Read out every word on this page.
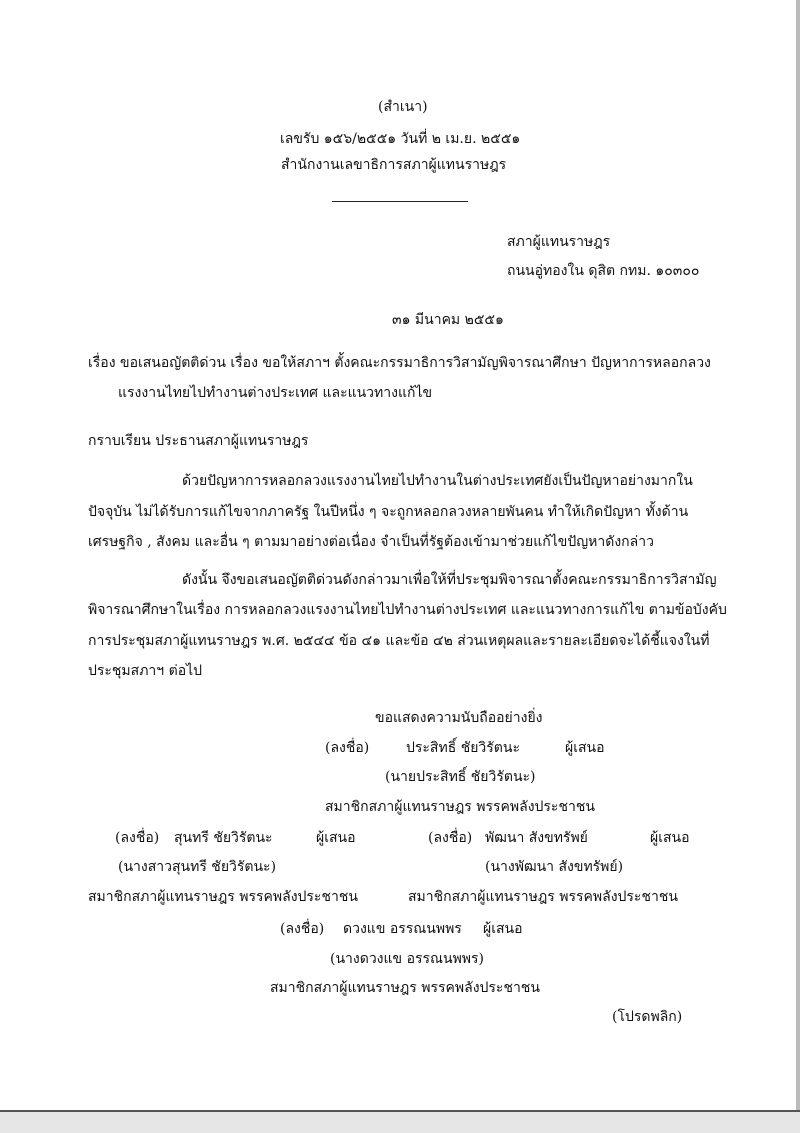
(สำเนา)
เลขรับ ๑๕๖/๒๕๕๑ วันที่ ๒ เม.ย. ๒๕๕๑
สำนักงานเลขาธิการสภาผู้แทนราษฎร
สภาผู้แทนราษฎร
ถนนอู่ทองใน ดุสิต กทม. ๑๐๓๐๐
๓๑ มีนาคม ๒๕๕๑
เรื่อง ขอเสนอญัตติด่วน เรื่อง ขอให้สภาฯ ตั้งคณะกรรมาธิการวิสามัญพิจารณาศึกษา ปัญหาการหลอกลวง
แรงงานไทยไปทำงานต่างประเทศ และแนวทางแก้ไข
กราบเรียน ประธานสภาผู้แทนราษฎร
ด้วยปัญหาการหลอกลวงแรงงานไทยไปทำงานในต่างประเทศยังเป็นปัญหาอย่างมากใน
ปัจจุบัน ไม่ได้รับการแก้ไขจากภาครัฐ ในปีหนึ่ง ๆ จะถูกหลอกลวงหลายพันคน ทำให้เกิดปัญหา ทั้งด้าน
เศรษฐกิจ , สังคม และอื่น ๆ ตามมาอย่างต่อเนื่อง จำเป็นที่รัฐต้องเข้ามาช่วยแก้ไขปัญหาดังกล่าว
ดังนั้น จึงขอเสนอญัตติด่วนดังกล่าวมาเพื่อให้ที่ประชุมพิจารณาตั้งคณะกรรมาธิการวิสามัญ
พิจารณาศึกษาในเรื่อง การหลอกลวงแรงงานไทยไปทำงานต่างประเทศ และแนวทางการแก้ไข ตามข้อบังคับ
การประชุมสภาผู้แทนราษฎร พ.ศ. ๒๕๔๔ ข้อ ๔๑ และข้อ ๔๒ ส่วนเหตุผลและรายละเอียดจะได้ชี้แจงในที่
ประชุมสภาฯ ต่อไป
ขอแสดงความนับถืออย่างยิ่ง
(ลงชื่อ)	ประสิทธิ์ ชัยวิรัตนะ	ผู้เสนอ
(นายประสิทธิ์ ชัยวิรัตนะ)
สมาชิกสภาผู้แทนราษฎร พรรคพลังประชาชน
(ลงชื่อ) สุนทรี ชัยวิรัตนะ	ผู้เสนอ
(นางสาวสุนทรี ชัยวิรัตนะ)
สมาชิกสภาผู้แทนราษฎร พรรคพลังประชาชน
(ลงชื่อ) พัฒนา สังขทรัพย์	ผู้เสนอ
(นางพัฒนา สังขทรัพย์)
สมาชิกสภาผู้แทนราษฎร พรรคพลังประชาชน
(ลงชื่อ) ดวงแข อรรณนพพร ผู้เสนอ
(นางดวงแข อรรณนพพร)
สมาชิกสภาผู้แทนราษฎร พรรคพลังประชาชน
(โปรดพลิก)
